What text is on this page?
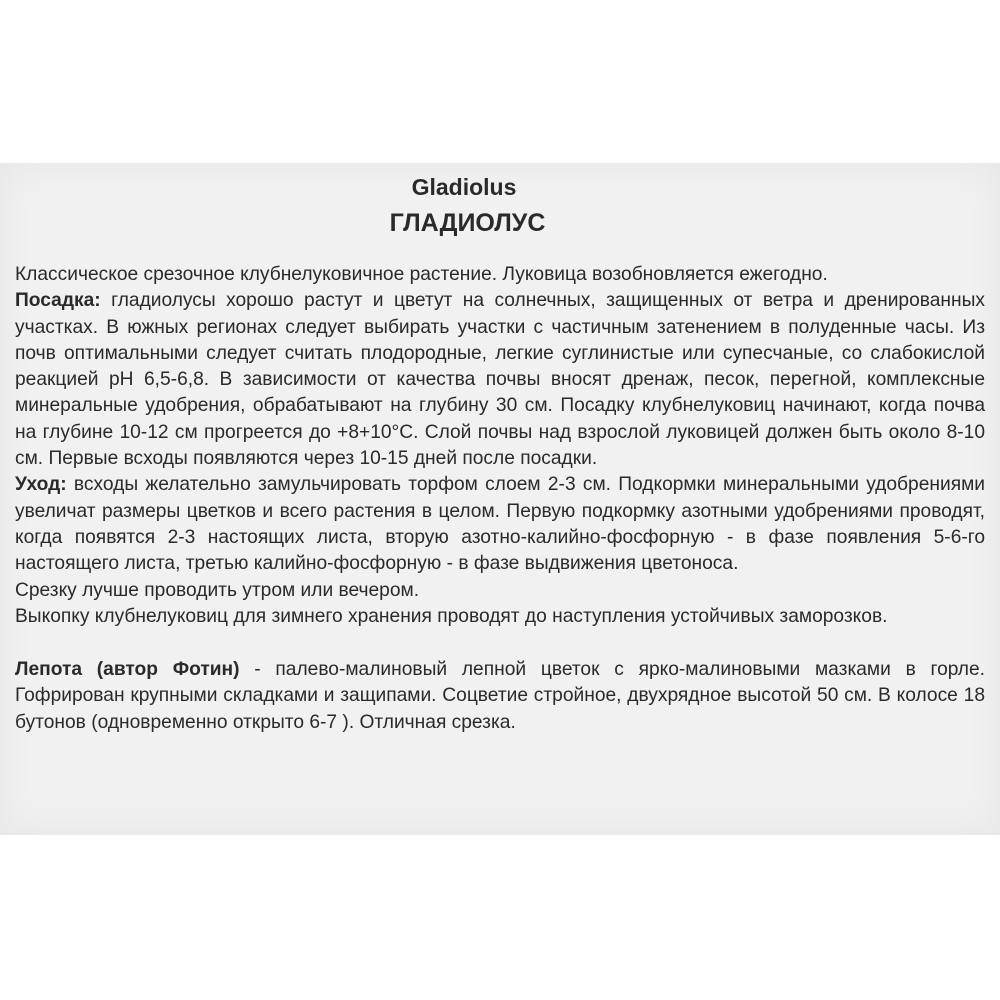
Gladiolus

ГЛАДИОЛУС

Классическое срезочное клубнелуковичное растение. Луковица возобновляется ежегодно.

Посадка: гладиолусы хорошо растут и цветут на солнечных, защищенных от ветра и дренированных участках. В южных регионах следует выбирать участки с частичным затенением в полуденные часы. Из почв оптимальными следует считать плодородные, легкие суглинистые или супесчаные, со слабокислой реакцией pH 6,5-6,8. В зависимости от качества почвы вносят дренаж, песок, перегной, комплексные минеральные удобрения, обрабатывают на глубину 30 см. Посадку клубнелуковиц начинают, когда почва на глубине 10-12 см прогреется до +8+10°C. Слой почвы над взрослой луковицей должен быть около 8-10 см. Первые всходы появляются через 10-15 дней после посадки.

Уход: всходы желательно замульчировать торфом слоем 2-3 см. Подкормки минеральными удобрениями увеличат размеры цветков и всего растения в целом. Первую подкормку азотными удобрениями проводят, когда появятся 2-3 настоящих листа, вторую азотно-калийно-фосфорную - в фазе появления 5-6-го настоящего листа, третью калийно-фосфорную - в фазе выдвижения цветоноса.

Срезку лучше проводить утром или вечером.

Выкопку клубнелуковиц для зимнего хранения проводят до наступления устойчивых заморозков.

Лепота (автор Фотин) - палево-малиновый лепной цветок с ярко-малиновыми мазками в горле. Гофрирован крупными складками и защипами. Соцветие стройное, двухрядное высотой 50 см. В колосе 18 бутонов (одновременно открыто 6-7 ). Отличная срезка.
